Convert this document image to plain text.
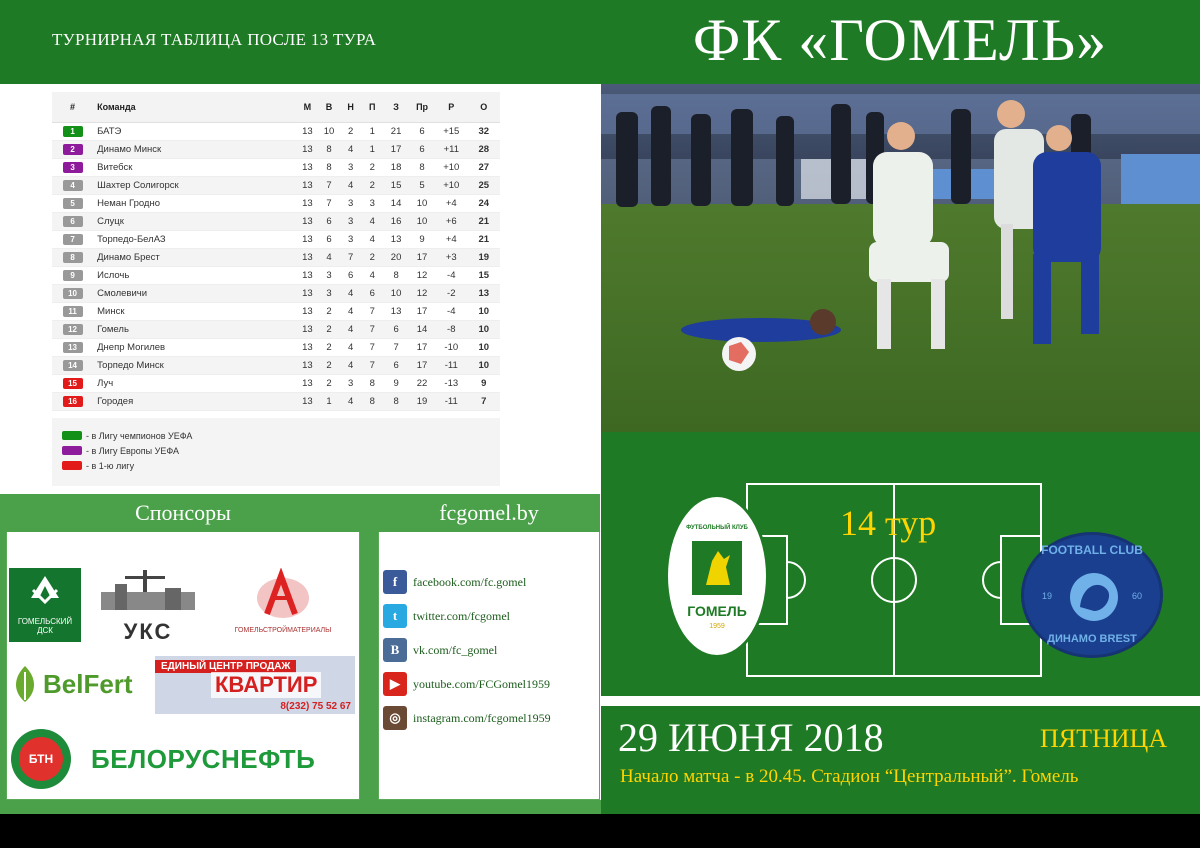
ТУРНИРНАЯ ТАБЛИЦА ПОСЛЕ 13 ТУРА	ФК «ГОМЕЛЬ»
#	Команда	М	В	Н	П	З	Пр	Р	О
1	БАТЭ	13	10	2	1	21	6	+15	32
2	Динамо Минск	13	8	4	1	17	6	+11	28
3	Витебск	13	8	3	2	18	8	+10	27
4	Шахтер Солигорск	13	7	4	2	15	5	+10	25
5	Неман Гродно	13	7	3	3	14	10	+4	24
6	Слуцк	13	6	3	4	16	10	+6	21
7	Торпедо-БелАЗ	13	6	3	4	13	9	+4	21
8	Динамо Брест	13	4	7	2	20	17	+3	19
9	Ислочь	13	3	6	4	8	12	-4	15
10	Смолевичи	13	3	4	6	10	12	-2	13
11	Минск	13	2	4	7	13	17	-4	10
12	Гомель	13	2	4	7	6	14	-8	10
13	Днепр Могилев	13	2	4	7	7	17	-10	10
14	Торпедо Минск	13	2	4	7	6	17	-11	10
15	Луч	13	2	3	8	9	22	-13	9
16	Городея	13	1	4	8	8	19	-11	7
- в Лигу чемпионов УЕФА
- в Лигу Европы УЕФА
- в 1-ю лигу
Спонсоры	fcgomel.by
ГОМЕЛЬСКИЙ
ДСК	УКС	ГОМЕЛЬСТРОЙМАТЕРИАЛЫ
BelFert
ЕДИНЫЙ ЦЕНТР ПРОДАЖ
КВАРТИР
8(232) 75 52 67
БТН	БЕЛОРУСНЕФТЬ
f	facebook.com/fc.gomel
t	twitter.com/fcgomel
В	vk.com/fc_gomel
▶	youtube.com/FCGomel1959
◎	instagram.com/fcgomel1959
ФУТБОЛЬНЫЙ КЛУБ
ГОМЕЛЬ
1959
FOOTBALL CLUB
19	60
ДИНАМО BREST
14 тур
29 ИЮНЯ 2018	ПЯТНИЦА
Начало матча - в 20.45. Стадион “Центральный”. Гомель
